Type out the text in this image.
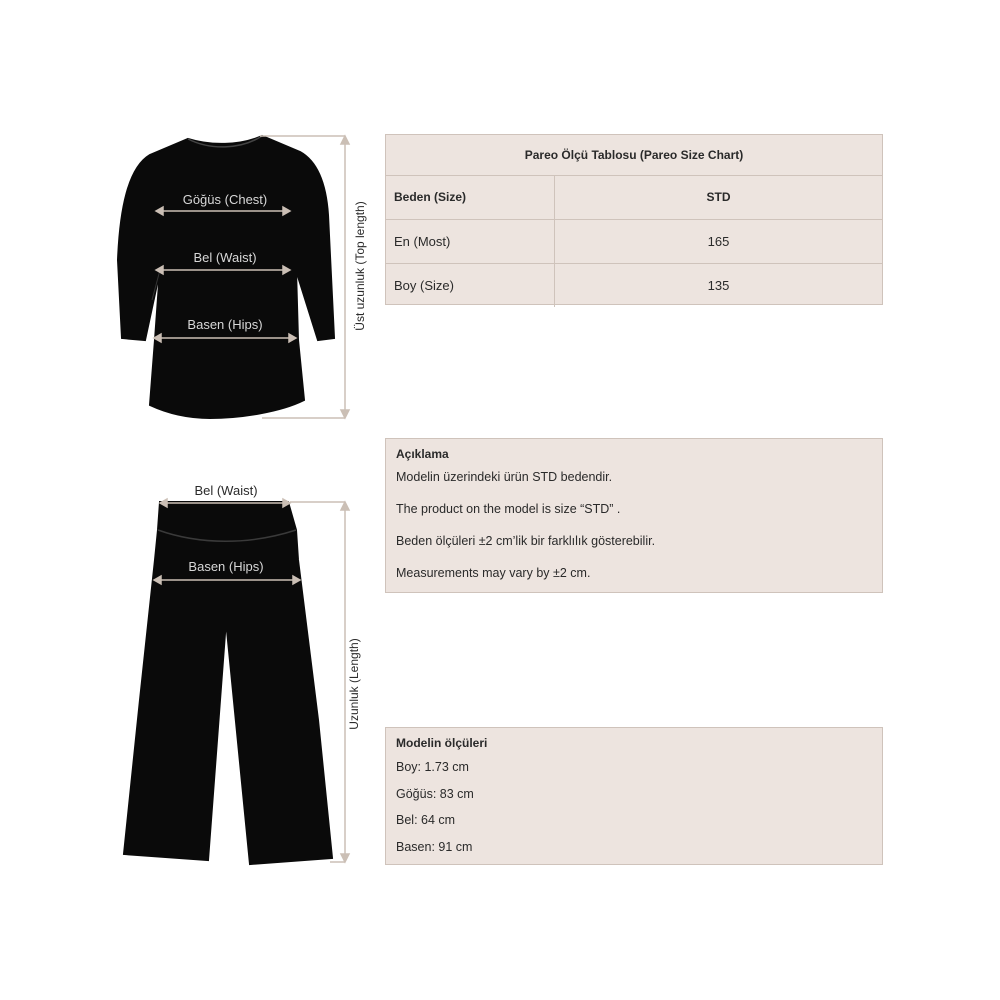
Göğüs (Chest)
Bel (Waist)
Basen (Hips)	Üst uzunluk (Top length)
Bel (Waist)
Basen (Hips)
Uzunluk (Length)
Pareo Ölçü Tablosu (Pareo Size Chart)
Beden (Size)	STD
En (Most)	165
Boy (Size)	135
Açıklama
Modelin üzerindeki ürün STD bedendir.
The product on the model is size “STD” .
Beden ölçüleri ±2 cm’lik bir farklılık gösterebilir.
Measurements may vary by ±2 cm.
Modelin ölçüleri
Boy: 1.73 cm
Göğüs: 83 cm
Bel: 64 cm
Basen: 91 cm
